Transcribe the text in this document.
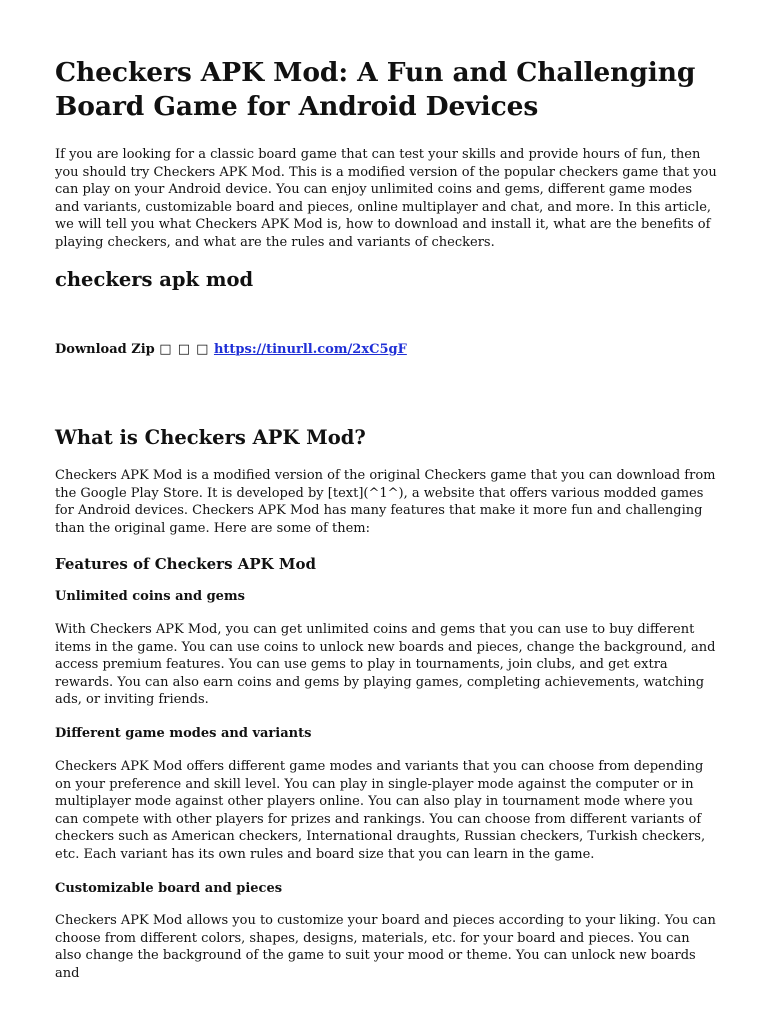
Checkers APK Mod: A Fun and Challenging Board Game for Android Devices

If you are looking for a classic board game that can test your skills and provide hours of fun, then you should try Checkers APK Mod. This is a modified version of the popular checkers game that you can play on your Android device. You can enjoy unlimited coins and gems, different game modes and variants, customizable board and pieces, online multiplayer and chat, and more. In this article, we will tell you what Checkers APK Mod is, how to download and install it, what are the benefits of playing checkers, and what are the rules and variants of checkers.

checkers apk mod
Download Zip □ □ □ https://tinurll.com/2xC5gF
What is Checkers APK Mod?

Checkers APK Mod is a modified version of the original Checkers game that you can download from the Google Play Store. It is developed by [text](^1^), a website that offers various modded games for Android devices. Checkers APK Mod has many features that make it more fun and challenging than the original game. Here are some of them:

Features of Checkers APK Mod
Unlimited coins and gems

With Checkers APK Mod, you can get unlimited coins and gems that you can use to buy different items in the game. You can use coins to unlock new boards and pieces, change the background, and access premium features. You can use gems to play in tournaments, join clubs, and get extra rewards. You can also earn coins and gems by playing games, completing achievements, watching ads, or inviting friends.

Different game modes and variants

Checkers APK Mod offers different game modes and variants that you can choose from depending on your preference and skill level. You can play in single-player mode against the computer or in multiplayer mode against other players online. You can also play in tournament mode where you can compete with other players for prizes and rankings. You can choose from different variants of checkers such as American checkers, International draughts, Russian checkers, Turkish checkers, etc. Each variant has its own rules and board size that you can learn in the game.

Customizable board and pieces

Checkers APK Mod allows you to customize your board and pieces according to your liking. You can choose from different colors, shapes, designs, materials, etc. for your board and pieces. You can also change the background of the game to suit your mood or theme. You can unlock new boards and
